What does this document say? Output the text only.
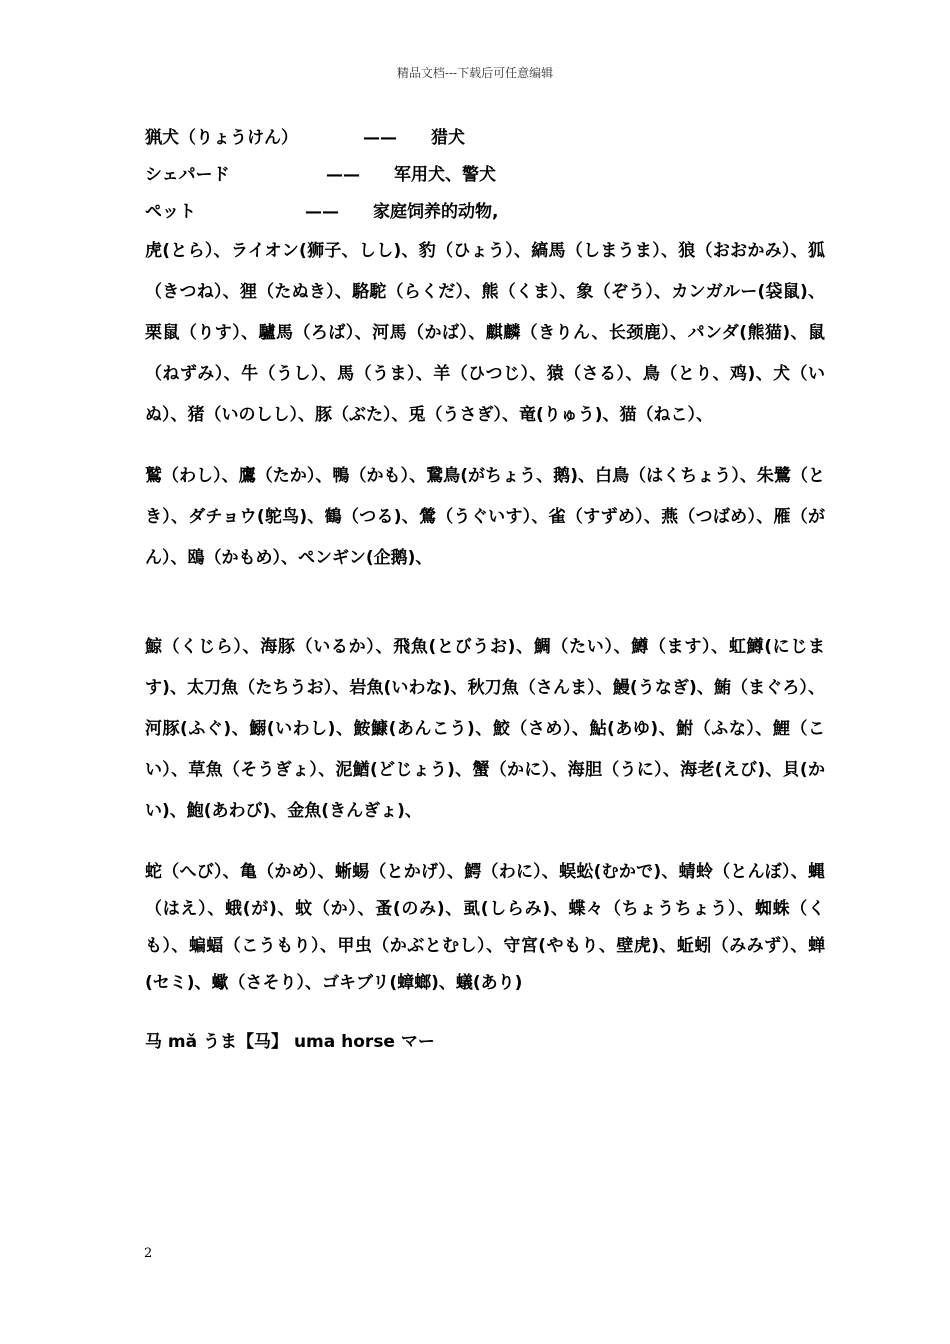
精品文档---下载后可任意编辑
猟犬（りょうけん）	—— 猎犬
シェパード	—— 军用犬、警犬
ペット	—— 家庭饲养的动物,

虎(とら）、ライオン(狮子、しし)、豹（ひょう）、縞馬（しまうま）、狼（おおかみ）、狐（きつね）、狸（たぬき）、駱駝（らくだ）、熊（くま）、象（ぞう）、カンガルー(袋鼠)、栗鼠（りす）、驢馬（ろば）、河馬（かば）、麒麟（きりん、长颈鹿）、パンダ(熊猫)、鼠（ねずみ）、牛（うし）、馬（うま）、羊（ひつじ）、猿（さる）、鳥（とり、鸡)、犬（いぬ）、猪（いのしし）、豚（ぶた）、兎（うさぎ）、竜(りゅう)、猫（ねこ）、

鷲（わし）、鷹（たか）、鴨（かも）、鵞鳥(がちょう、鹅)、白鳥（はくちょう）、朱鷺（とき）、ダチョウ(鸵鸟)、鶴（つる)、鶯（うぐいす）、雀（すずめ）、燕（つばめ）、雁（がん）、鴎（かもめ）、ペンギン(企鹅)、

鯨（くじら）、海豚（いるか）、飛魚(とびうお)、鯛（たい）、鱒（ます）、虹鱒(にじます)、太刀魚（たちうお）、岩魚(いわな)、秋刀魚（さんま）、鰻(うなぎ)、鮪（まぐろ）、河豚(ふぐ)、鰯(いわし)、鮟鱇(あんこう)、鮫（さめ）、鮎(あゆ)、鮒（ふな）、鯉（こい）、草魚（そうぎょ）、泥鰌(どじょう)、蟹（かに）、海胆（うに）、海老(えび)、貝(かい)、鮑(あわび)、金魚(きんぎょ)、

蛇（へび）、亀（かめ）、蜥蜴（とかげ）、鰐（わに）、蜈蚣(むかで)、蜻蛉（とんぼ）、蝿（はえ）、蛾(が)、蚊（か）、蚤(のみ)、虱(しらみ)、蝶々（ちょうちょう）、蜘蛛（くも）、蝙蝠（こうもり）、甲虫（かぶとむし）、守宮(やもり、壁虎)、蚯蚓（みみず）、蝉(セミ)、蠍（さそり）、ゴキブリ(蟑螂)、蟻(あり)

马 mǎ うま【马】 uma horse マー

2
